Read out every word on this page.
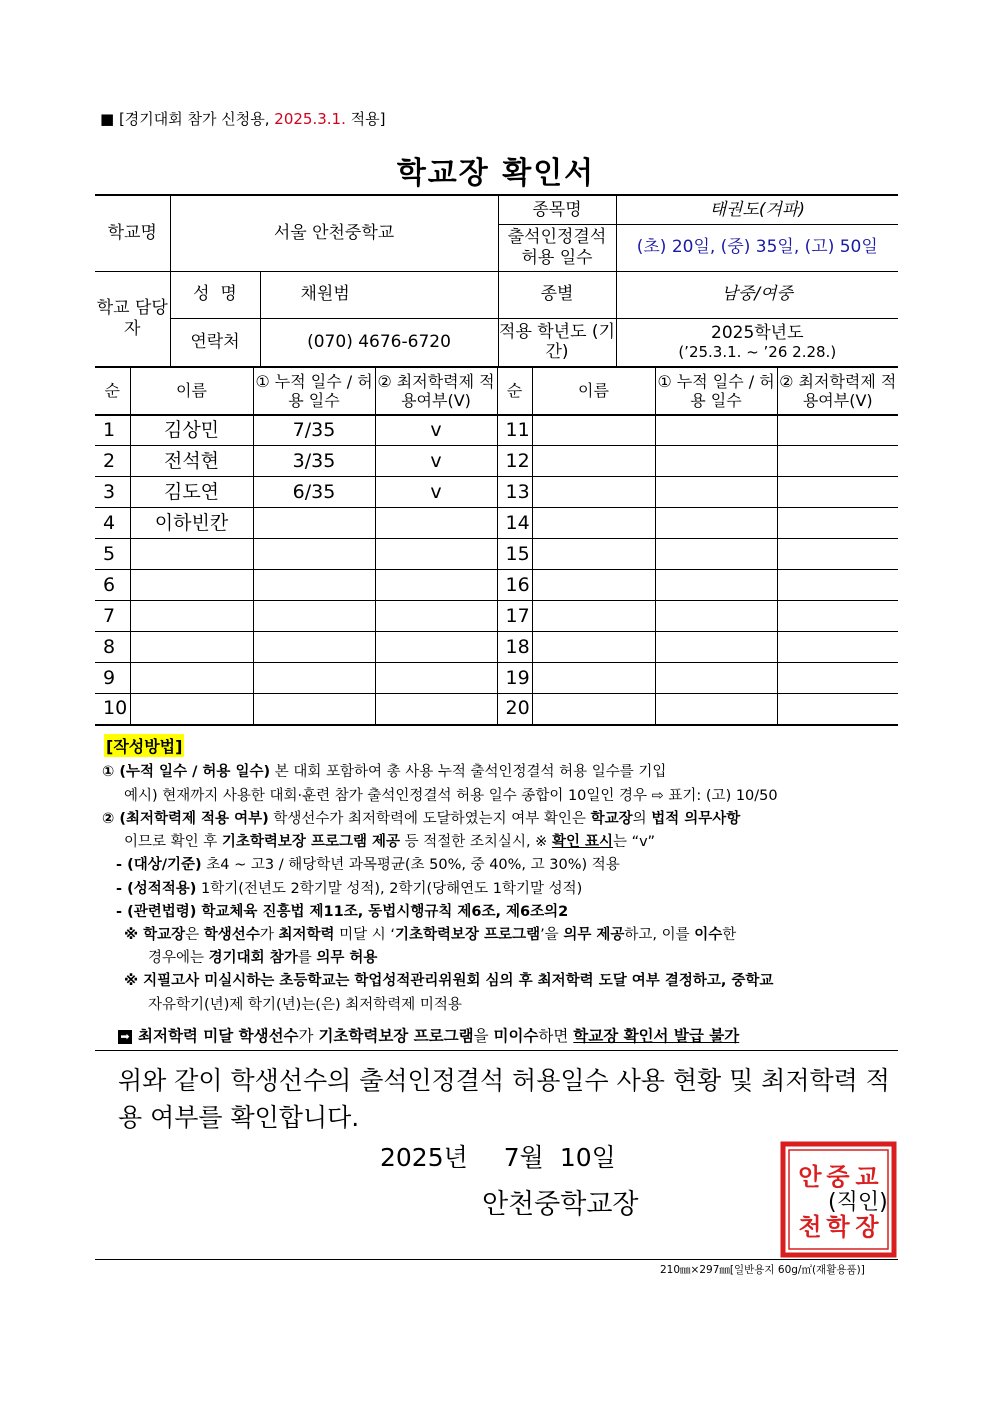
■ [경기대회 참가 신청용, 2025.3.1. 적용]
학교장 확인서
학교명	서울 안천중학교		종목명	태권도(겨파)
			출석인정결석 허용 일수	(초) 20일, (중) 35일, (고) 50일
학교 담당자	성  명	채원범	종별	남중/여중
	연락처	(070) 4676-6720	적용 학년도 (기간)	2025학년도
(’25.3.1. ~ ’26 2.28.)
순	이름	① 누적 일수 / 허용 일수	② 최저학력제 적용여부(V)	순	이름	① 누적 일수 / 허용 일수	② 최저학력제 적용여부(V)
1	김상민	7/35	v	11			
2	전석현	3/35	v	12			
3	김도연	6/35	v	13			
4	이하빈칸			14			
5				15			
6				16			
7				17			
8				18			
9				19			
10				20			
[작성방법]
① (누적 일수 / 허용 일수) 본 대회 포함하여 총 사용 누적 출석인정결석 허용 일수를 기입
예시) 현재까지 사용한 대회·훈련 참가 출석인정결석 허용 일수 종합이 10일인 경우 ⇨ 표기: (고) 10/50
② (최저학력제 적용 여부) 학생선수가 최저학력에 도달하였는지 여부 확인은 학교장의 법적 의무사항
이므로 확인 후 기초학력보장 프로그램 제공 등 적절한 조치실시, ※ 확인 표시는 “v”
- (대상/기준) 초4 ~ 고3 / 해당학년 과목평균(초 50%, 중 40%, 고 30%) 적용
- (성적적용) 1학기(전년도 2학기말 성적), 2학기(당해연도 1학기말 성적)
- (관련법령) 학교체육 진흥법 제11조, 동법시행규칙 제6조, 제6조의2
※ 학교장은 학생선수가 최저학력 미달 시 ‘기초학력보장 프로그램’을 의무 제공하고, 이를 이수한
경우에는 경기대회 참가를 의무 허용
※ 지필고사 미실시하는 초등학교는 학업성적관리위원회 심의 후 최저학력 도달 여부 결정하고, 중학교
자유학기(년)제 학기(년)는(은) 최저학력제 미적용
➡ 최저학력 미달 학생선수가 기초학력보장 프로그램을 미이수하면 학교장 확인서 발급 불가
위와 같이 학생선수의 출석인정결석 허용일수 사용 현황 및 최저학력 적용 여부를 확인합니다.
2025년 7월 10일
안천중학교장
안
천
중
학
교
장
(직인)
210㎜×297㎜[일반용지 60g/㎡(재활용품)]
